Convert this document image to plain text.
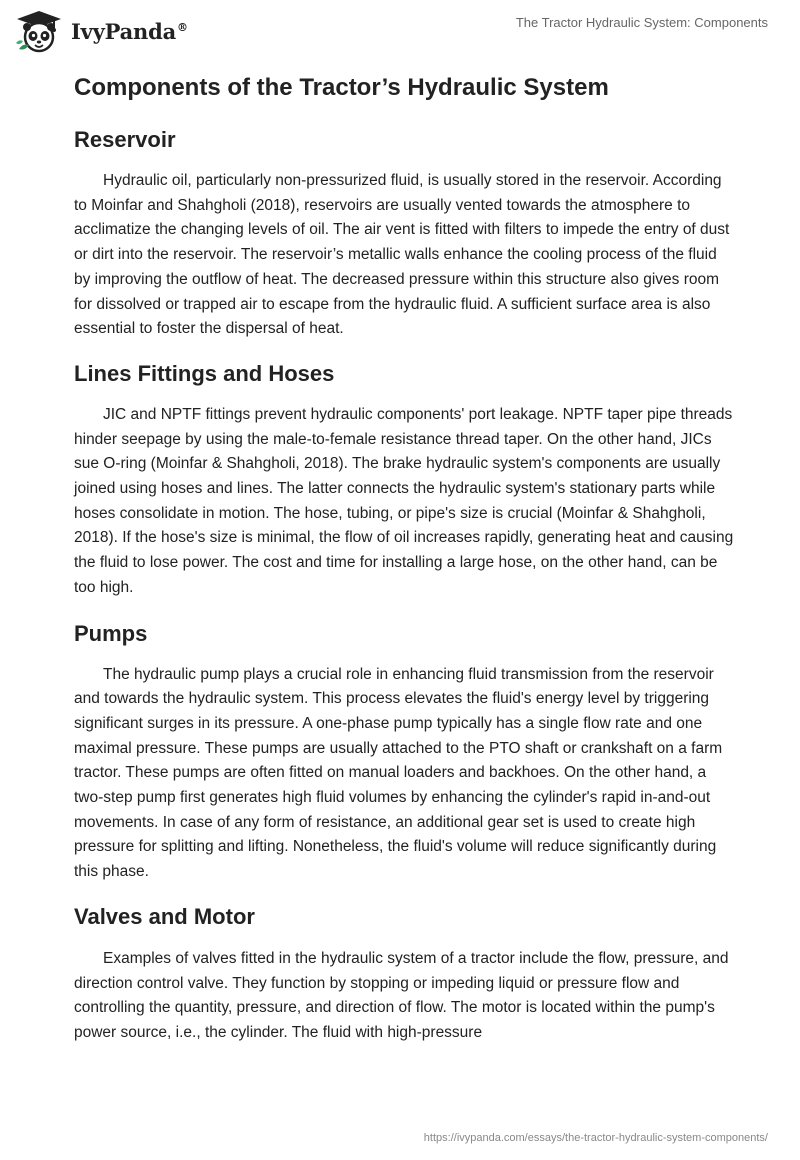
IvyPanda®	The Tractor Hydraulic System: Components
Components of the Tractor’s Hydraulic System
Reservoir

Hydraulic oil, particularly non-pressurized fluid, is usually stored in the reservoir. According to Moinfar and Shahgholi (2018), reservoirs are usually vented towards the atmosphere to acclimatize the changing levels of oil. The air vent is fitted with filters to impede the entry of dust or dirt into the reservoir. The reservoir’s metallic walls enhance the cooling process of the fluid by improving the outflow of heat. The decreased pressure within this structure also gives room for dissolved or trapped air to escape from the hydraulic fluid. A sufficient surface area is also essential to foster the dispersal of heat.

Lines Fittings and Hoses

JIC and NPTF fittings prevent hydraulic components' port leakage. NPTF taper pipe threads hinder seepage by using the male-to-female resistance thread taper. On the other hand, JICs sue O-ring (Moinfar & Shahgholi, 2018). The brake hydraulic system's components are usually joined using hoses and lines. The latter connects the hydraulic system's stationary parts while hoses consolidate in motion. The hose, tubing, or pipe's size is crucial (Moinfar & Shahgholi, 2018). If the hose's size is minimal, the flow of oil increases rapidly, generating heat and causing the fluid to lose power. The cost and time for installing a large hose, on the other hand, can be too high.

Pumps

The hydraulic pump plays a crucial role in enhancing fluid transmission from the reservoir and towards the hydraulic system. This process elevates the fluid's energy level by triggering significant surges in its pressure. A one-phase pump typically has a single flow rate and one maximal pressure. These pumps are usually attached to the PTO shaft or crankshaft on a farm tractor. These pumps are often fitted on manual loaders and backhoes. On the other hand, a two-step pump first generates high fluid volumes by enhancing the cylinder's rapid in-and-out movements. In case of any form of resistance, an additional gear set is used to create high pressure for splitting and lifting. Nonetheless, the fluid's volume will reduce significantly during this phase.

Valves and Motor

Examples of valves fitted in the hydraulic system of a tractor include the flow, pressure, and direction control valve. They function by stopping or impeding liquid or pressure flow and controlling the quantity, pressure, and direction of flow. The motor is located within the pump's power source, i.e., the cylinder. The fluid with high-pressure

https://ivypanda.com/essays/the-tractor-hydraulic-system-components/
